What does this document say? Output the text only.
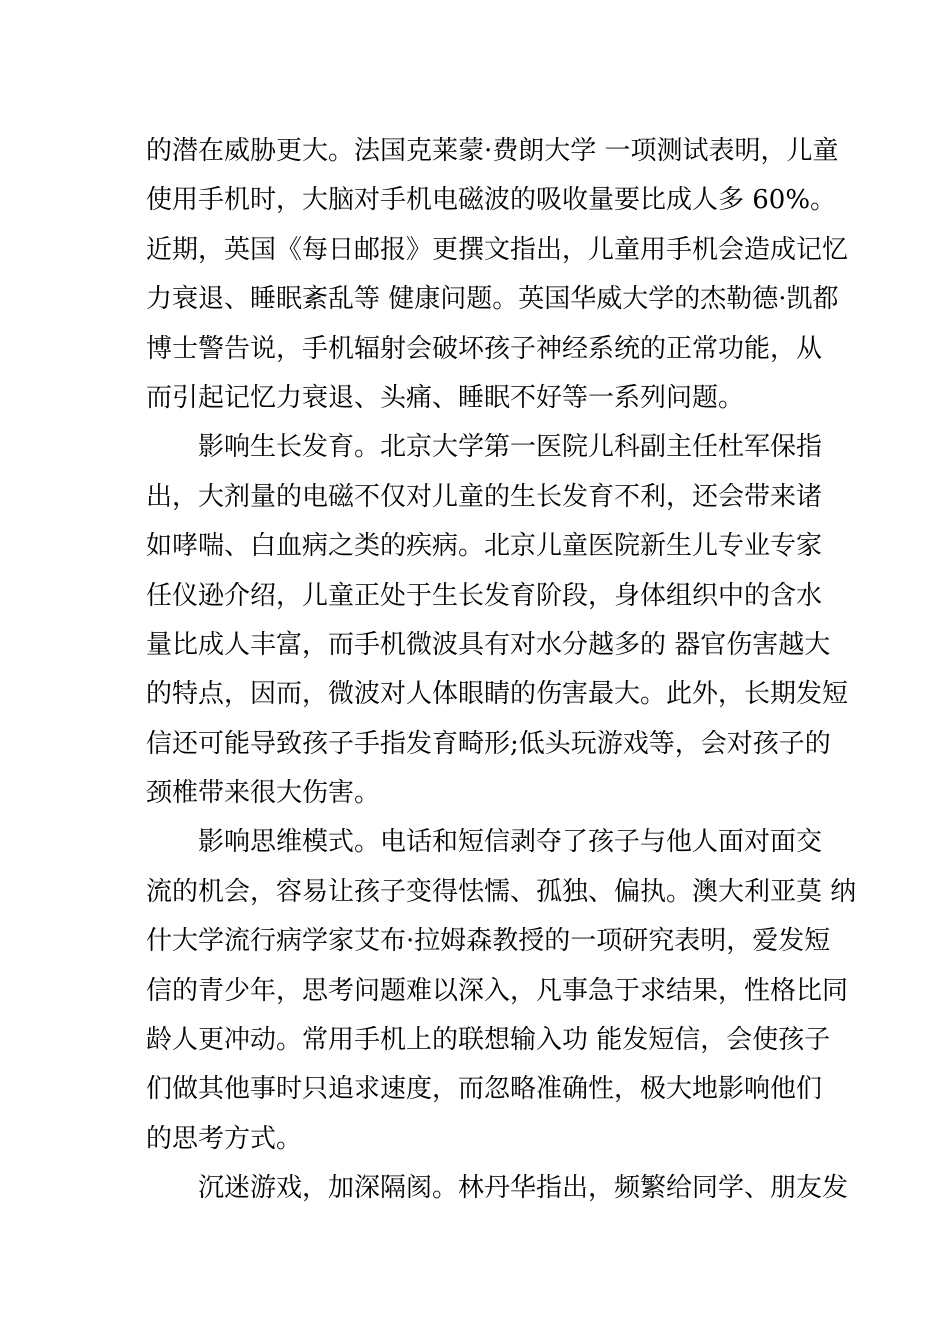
的潜在威胁更大。法国克莱蒙·费朗大学 一项测试表明，儿童
使用手机时，大脑对手机电磁波的吸收量要比成人多 60%。
近期，英国《每日邮报》更撰文指出，儿童用手机会造成记忆
力衰退、睡眠紊乱等 健康问题。英国华威大学的杰勒德·凯都
博士警告说，手机辐射会破坏孩子神经系统的正常功能，从
而引起记忆力衰退、头痛、睡眠不好等一系列问题。
影响生长发育。北京大学第一医院儿科副主任杜军保指
出，大剂量的电磁不仅对儿童的生长发育不利，还会带来诸
如哮喘、白血病之类的疾病。北京儿童医院新生儿专业专家
任仪逊介绍，儿童正处于生长发育阶段，身体组织中的含水
量比成人丰富，而手机微波具有对水分越多的 器官伤害越大
的特点，因而，微波对人体眼睛的伤害最大。此外，长期发短
信还可能导致孩子手指发育畸形;低头玩游戏等，会对孩子的
颈椎带来很大伤害。
影响思维模式。电话和短信剥夺了孩子与他人面对面交
流的机会，容易让孩子变得怯懦、孤独、偏执。澳大利亚莫 纳
什大学流行病学家艾布·拉姆森教授的一项研究表明，爱发短
信的青少年，思考问题难以深入，凡事急于求结果，性格比同
龄人更冲动。常用手机上的联想输入功 能发短信，会使孩子
们做其他事时只追求速度，而忽略准确性，极大地影响他们
的思考方式。
沉迷游戏，加深隔阂。林丹华指出，频繁给同学、朋友发
